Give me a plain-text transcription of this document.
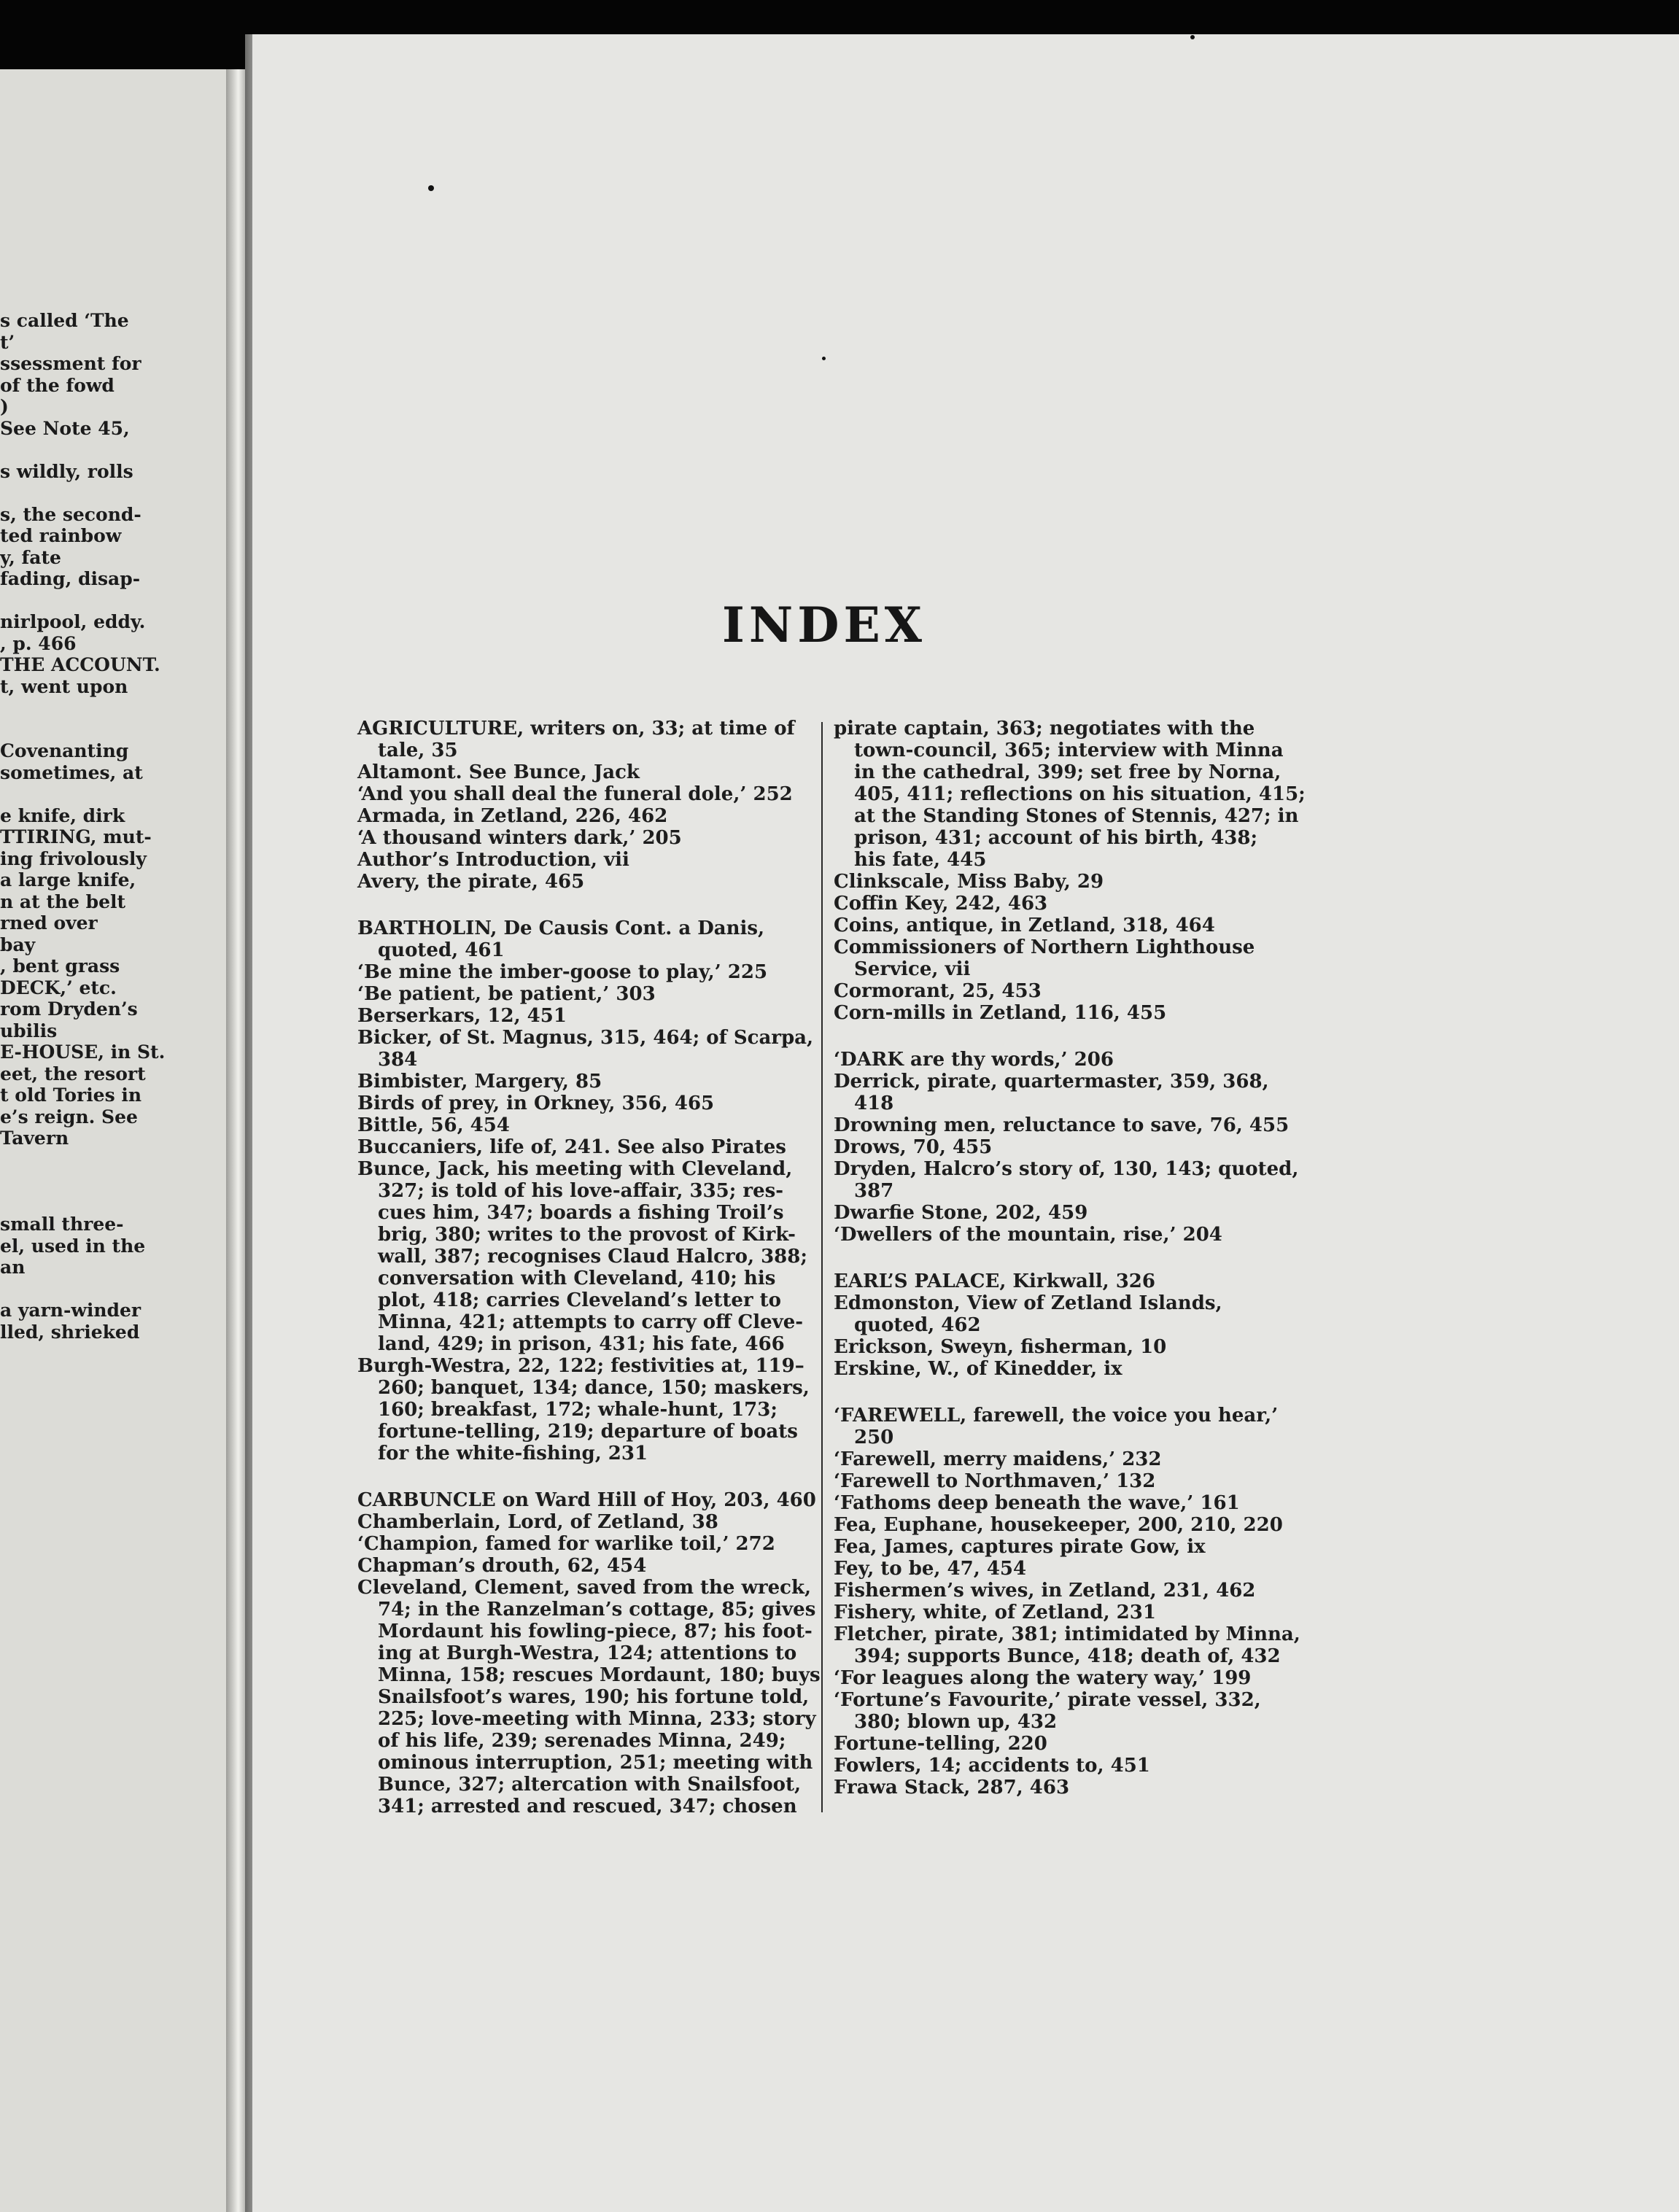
s called ‘The
t’
ssessment for
of the fowd
)
See Note 45,

s wildly, rolls

s, the second-
ted rainbow
y, fate
fading, disap-

nirlpool, eddy.
, p. 466
THE ACCOUNT.
t, went upon

Covenanting
sometimes, at

e knife, dirk
TTIRING, mut-
ing frivolously
a large knife,
n at the belt
rned over
bay
, bent grass
DECK,’ etc.
rom Dryden’s
ubilis
E-HOUSE, in St.
eet, the resort
t old Tories in
e’s reign. See
Tavern

small three-
el, used in the
an

a yarn-winder
lled, shrieked
INDEX
AGRICULTURE, writers on, 33; at time of
tale, 35
Altamont. See Bunce, Jack
‘And you shall deal the funeral dole,’ 252
Armada, in Zetland, 226, 462
‘A thousand winters dark,’ 205
Author’s Introduction, vii
Avery, the pirate, 465
BARTHOLIN, De Causis Cont. a Danis,
quoted, 461
‘Be mine the imber-goose to play,’ 225
‘Be patient, be patient,’ 303
Berserkars, 12, 451
Bicker, of St. Magnus, 315, 464; of Scarpa,
384
Bimbister, Margery, 85
Birds of prey, in Orkney, 356, 465
Bittle, 56, 454
Buccaniers, life of, 241. See also Pirates
Bunce, Jack, his meeting with Cleveland,
327; is told of his love-affair, 335; res-
cues him, 347; boards a fishing Troil’s
brig, 380; writes to the provost of Kirk-
wall, 387; recognises Claud Halcro, 388;
conversation with Cleveland, 410; his
plot, 418; carries Cleveland’s letter to
Minna, 421; attempts to carry off Cleve-
land, 429; in prison, 431; his fate, 466
Burgh-Westra, 22, 122; festivities at, 119–
260; banquet, 134; dance, 150; maskers,
160; breakfast, 172; whale-hunt, 173;
fortune-telling, 219; departure of boats
for the white-fishing, 231
CARBUNCLE on Ward Hill of Hoy, 203, 460
Chamberlain, Lord, of Zetland, 38
‘Champion, famed for warlike toil,’ 272
Chapman’s drouth, 62, 454
Cleveland, Clement, saved from the wreck,
74; in the Ranzelman’s cottage, 85; gives
Mordaunt his fowling-piece, 87; his foot-
ing at Burgh-Westra, 124; attentions to
Minna, 158; rescues Mordaunt, 180; buys
Snailsfoot’s wares, 190; his fortune told,
225; love-meeting with Minna, 233; story
of his life, 239; serenades Minna, 249;
ominous interruption, 251; meeting with
Bunce, 327; altercation with Snailsfoot,
341; arrested and rescued, 347; chosen
pirate captain, 363; negotiates with the
town-council, 365; interview with Minna
in the cathedral, 399; set free by Norna,
405, 411; reflections on his situation, 415;
at the Standing Stones of Stennis, 427; in
prison, 431; account of his birth, 438;
his fate, 445
Clinkscale, Miss Baby, 29
Coffin Key, 242, 463
Coins, antique, in Zetland, 318, 464
Commissioners of Northern Lighthouse
Service, vii
Cormorant, 25, 453
Corn-mills in Zetland, 116, 455
‘DARK are thy words,’ 206
Derrick, pirate, quartermaster, 359, 368,
418
Drowning men, reluctance to save, 76, 455
Drows, 70, 455
Dryden, Halcro’s story of, 130, 143; quoted,
387
Dwarfie Stone, 202, 459
‘Dwellers of the mountain, rise,’ 204
EARL’S PALACE, Kirkwall, 326
Edmonston, View of Zetland Islands,
quoted, 462
Erickson, Sweyn, fisherman, 10
Erskine, W., of Kinedder, ix
‘FAREWELL, farewell, the voice you hear,’
250
‘Farewell, merry maidens,’ 232
‘Farewell to Northmaven,’ 132
‘Fathoms deep beneath the wave,’ 161
Fea, Euphane, housekeeper, 200, 210, 220
Fea, James, captures pirate Gow, ix
Fey, to be, 47, 454
Fishermen’s wives, in Zetland, 231, 462
Fishery, white, of Zetland, 231
Fletcher, pirate, 381; intimidated by Minna,
394; supports Bunce, 418; death of, 432
‘For leagues along the watery way,’ 199
‘Fortune’s Favourite,’ pirate vessel, 332,
380; blown up, 432
Fortune-telling, 220
Fowlers, 14; accidents to, 451
Frawa Stack, 287, 463
